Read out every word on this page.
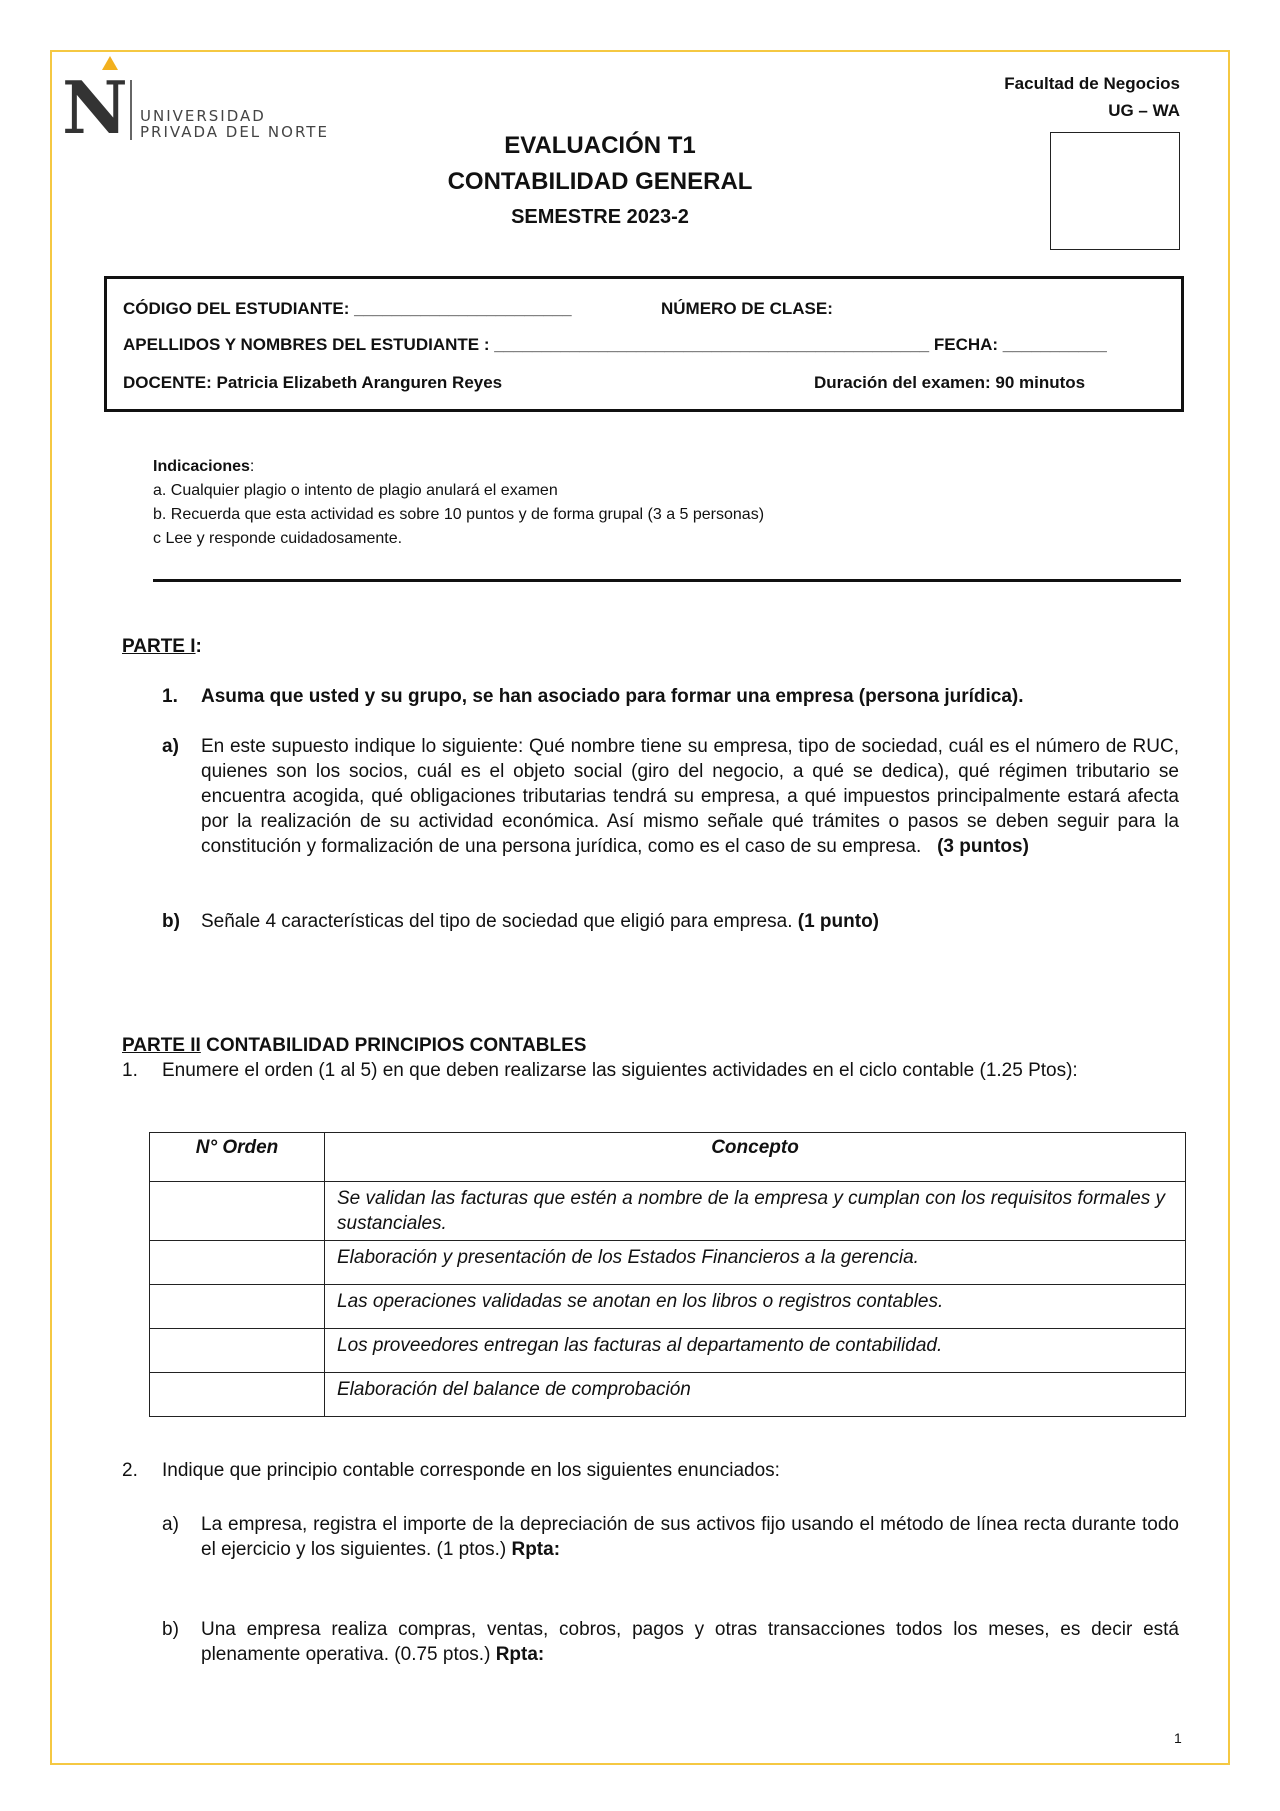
N UNIVERSIDAD
PRIVADA DEL NORTE
Facultad de Negocios
UG – WA
EVALUACIÓN T1
CONTABILIDAD GENERAL
SEMESTRE 2023-2
CÓDIGO DEL ESTUDIANTE: _______________________	NÚMERO DE CLASE:
APELLIDOS Y NOMBRES DEL ESTUDIANTE : ______________________________________________ FECHA: ___________
DOCENTE: Patricia Elizabeth Aranguren Reyes	Duración del examen: 90 minutos
Indicaciones:
a. Cualquier plagio o intento de plagio anulará el examen
b. Recuerda que esta actividad es sobre 10 puntos y de forma grupal (3 a 5 personas)
c Lee y responde cuidadosamente.
PARTE I:
1. Asuma que usted y su grupo, se han asociado para formar una empresa (persona jurídica).
a) En este supuesto indique lo siguiente: Qué nombre tiene su empresa, tipo de sociedad, cuál es el número de RUC, quienes son los socios, cuál es el objeto social (giro del negocio, a qué se dedica), qué régimen tributario se encuentra acogida, qué obligaciones tributarias tendrá su empresa, a qué impuestos principalmente estará afecta por la realización de su actividad económica. Así mismo señale qué trámites o pasos se deben seguir para la constitución y formalización de una persona jurídica, como es el caso de su empresa. (3 puntos)
b) Señale 4 características del tipo de sociedad que eligió para empresa. (1 punto)
PARTE II CONTABILIDAD PRINCIPIOS CONTABLES
1. Enumere el orden (1 al 5) en que deben realizarse las siguientes actividades en el ciclo contable (1.25 Ptos):
N° Orden	Concepto
	Se validan las facturas que estén a nombre de la empresa y cumplan con los requisitos formales y sustanciales.
	Elaboración y presentación de los Estados Financieros a la gerencia.
	Las operaciones validadas se anotan en los libros o registros contables.
	Los proveedores entregan las facturas al departamento de contabilidad.
	Elaboración del balance de comprobación
2. Indique que principio contable corresponde en los siguientes enunciados:
a) La empresa, registra el importe de la depreciación de sus activos fijo usando el método de línea recta durante todo el ejercicio y los siguientes. (1 ptos.) Rpta:
b) Una empresa realiza compras, ventas, cobros, pagos y otras transacciones todos los meses, es decir está plenamente operativa. (0.75 ptos.) Rpta:
1
